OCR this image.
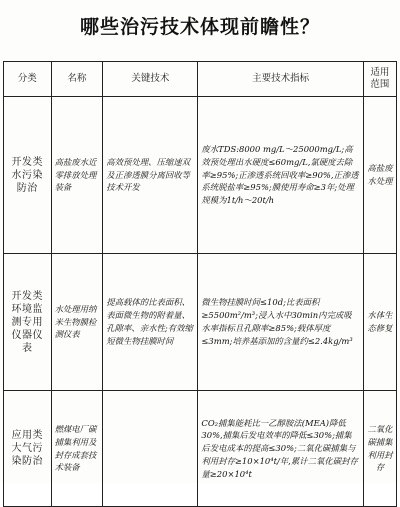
哪些治污技术体现前瞻性？
分类	名称	关键技术	主要技术指标	适用范围
开发类水污染防治	高盐废水近零排放处理装备	高效预处理、压缩速双及正渗透膜分离回收等技术开发	废水TDS:8000 mg/L～25000mg/L;高效预处理出水硬度≤60mg/L,氯硬度去除率≥95%;正渗透系统回收率≥90%,正渗透系统脱盐率≥95%;膜使用寿命≥3年;处理规模为1t/h～20t/h	高盐废水处理
开发类环境监测专用仪器仪表	水处理用纳米生物膜检测仪表	提高载体的比表面积、表面微生物的附着量、孔隙率、亲水性;有效缩短微生物挂膜时间	微生物挂膜时间≤10d;比表面积≥5500m²/m³;浸入水中30min内完成吸水率指标且孔隙率≥85%;载体厚度≤3mm;培养基添加的含量约≤2.4kg/m³	水体生态修复
应用类大气污染防治	燃煤电厂碳捕集利用及封存成套技术装备		CO₂捕集能耗比一乙醇胺法(MEA)降低30%,捕集后发电效率的降低≤30%;捕集后发电成本的提高≤30%;二氧化碳捕集与利用封存≥10×10⁴t/年,累计二氧化碳封存量≥20×10⁴t	二氧化碳捕集利用封存
